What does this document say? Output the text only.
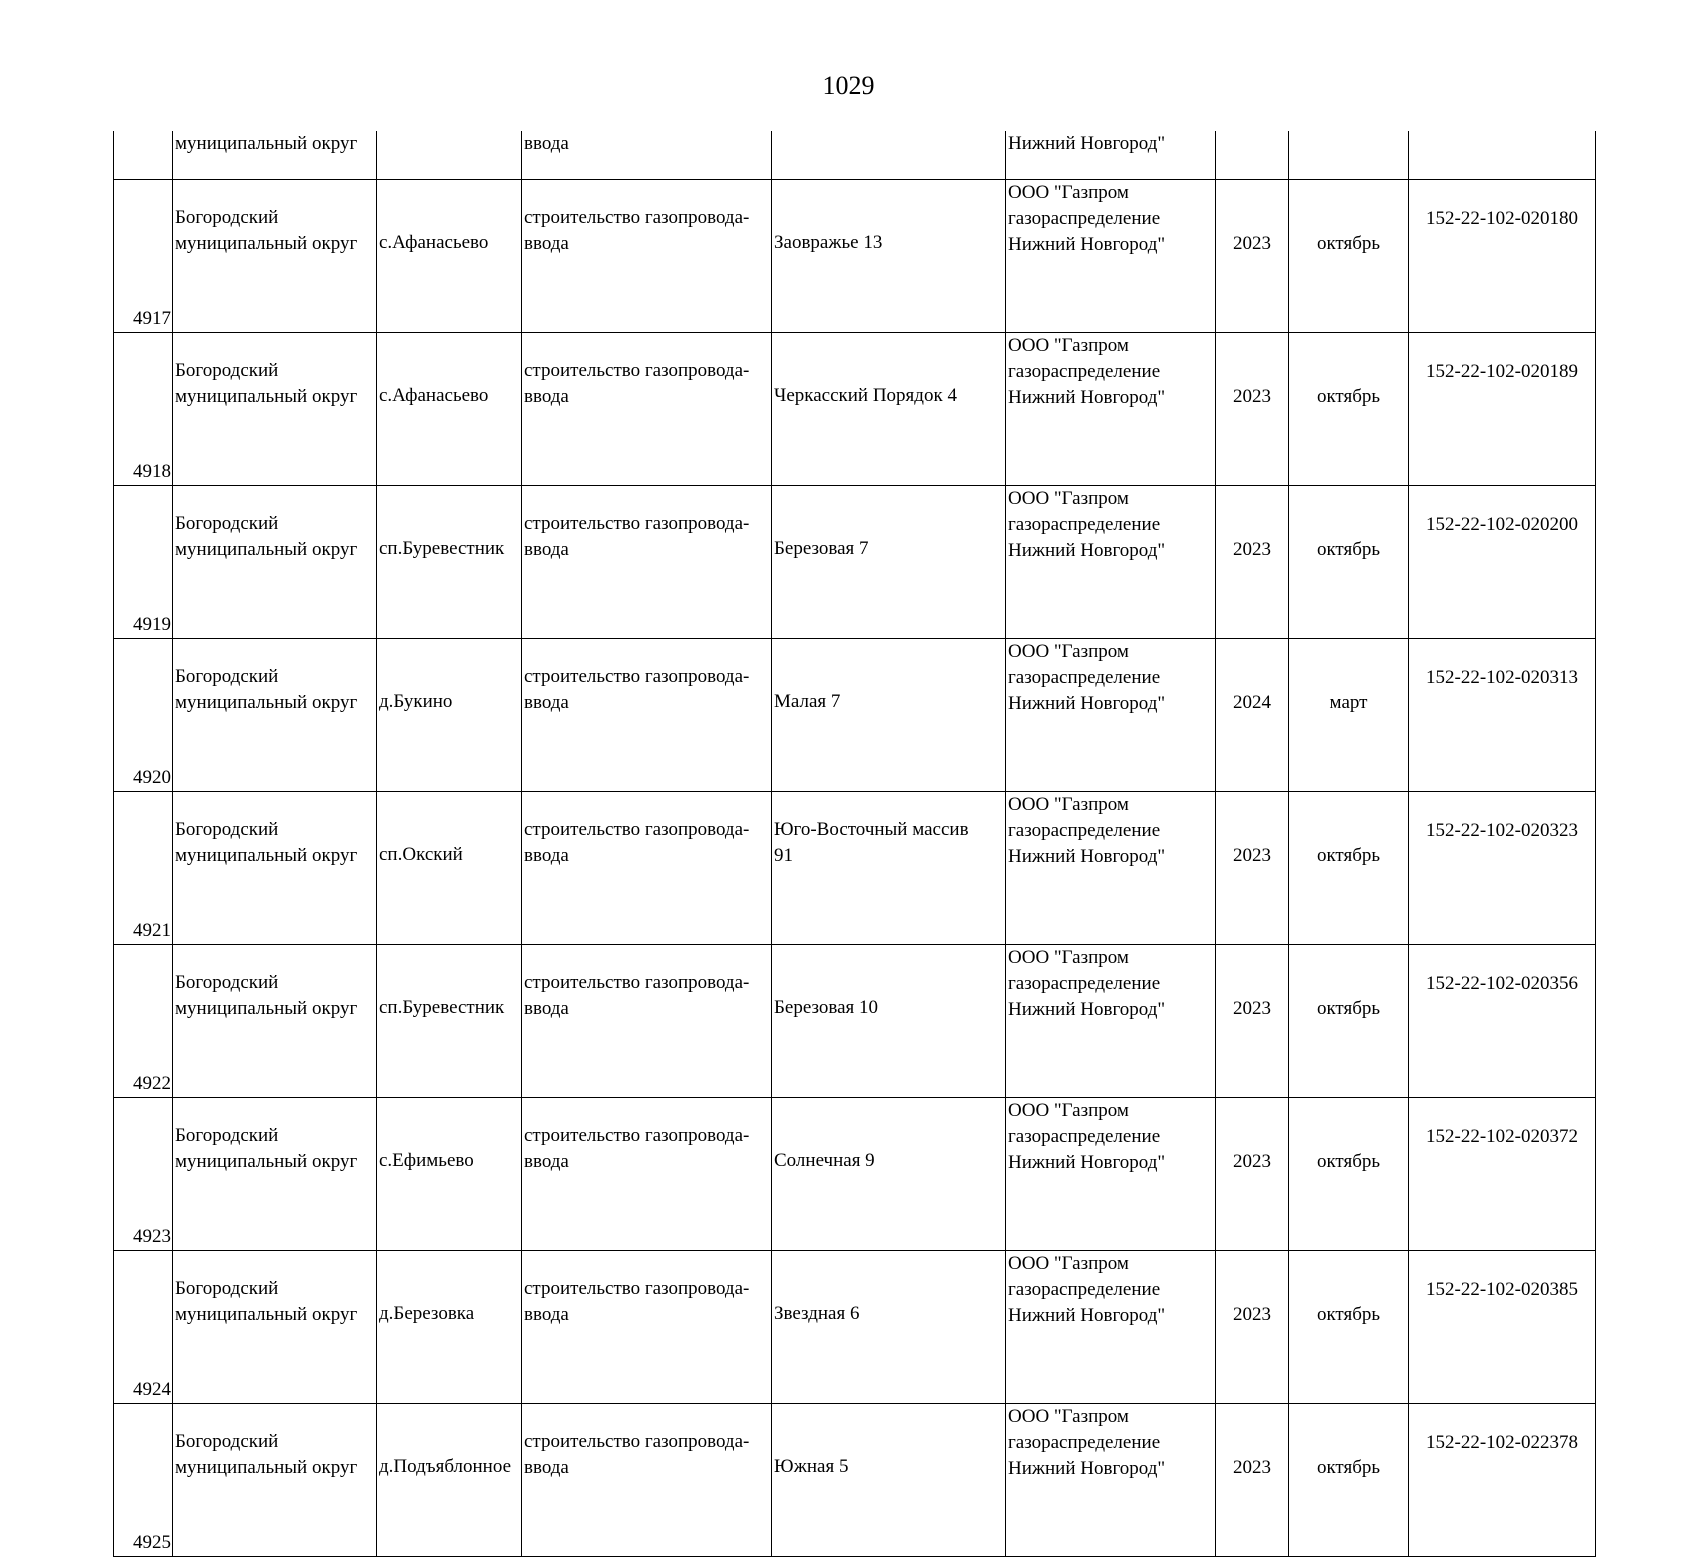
1029
	муниципальный округ		ввода		Нижний Новгород"			
4917	Богородский
муниципальный округ	с.Афанасьево	строительство газопровода-
ввода	Заовражье 13	ООО "Газпром
газораспределение
Нижний Новгород"	2023	октябрь	152-22-102-020180
4918	Богородский
муниципальный округ	с.Афанасьево	строительство газопровода-
ввода	Черкасский Порядок 4	ООО "Газпром
газораспределение
Нижний Новгород"	2023	октябрь	152-22-102-020189
4919	Богородский
муниципальный округ	сп.Буревестник	строительство газопровода-
ввода	Березовая 7	ООО "Газпром
газораспределение
Нижний Новгород"	2023	октябрь	152-22-102-020200
4920	Богородский
муниципальный округ	д.Букино	строительство газопровода-
ввода	Малая 7	ООО "Газпром
газораспределение
Нижний Новгород"	2024	март	152-22-102-020313
4921	Богородский
муниципальный округ	сп.Окский	строительство газопровода-
ввода	Юго-Восточный массив
91	ООО "Газпром
газораспределение
Нижний Новгород"	2023	октябрь	152-22-102-020323
4922	Богородский
муниципальный округ	сп.Буревестник	строительство газопровода-
ввода	Березовая 10	ООО "Газпром
газораспределение
Нижний Новгород"	2023	октябрь	152-22-102-020356
4923	Богородский
муниципальный округ	с.Ефимьево	строительство газопровода-
ввода	Солнечная 9	ООО "Газпром
газораспределение
Нижний Новгород"	2023	октябрь	152-22-102-020372
4924	Богородский
муниципальный округ	д.Березовка	строительство газопровода-
ввода	Звездная 6	ООО "Газпром
газораспределение
Нижний Новгород"	2023	октябрь	152-22-102-020385
4925	Богородский
муниципальный округ	д.Подъяблонное	строительство газопровода-
ввода	Южная 5	ООО "Газпром
газораспределение
Нижний Новгород"	2023	октябрь	152-22-102-022378
